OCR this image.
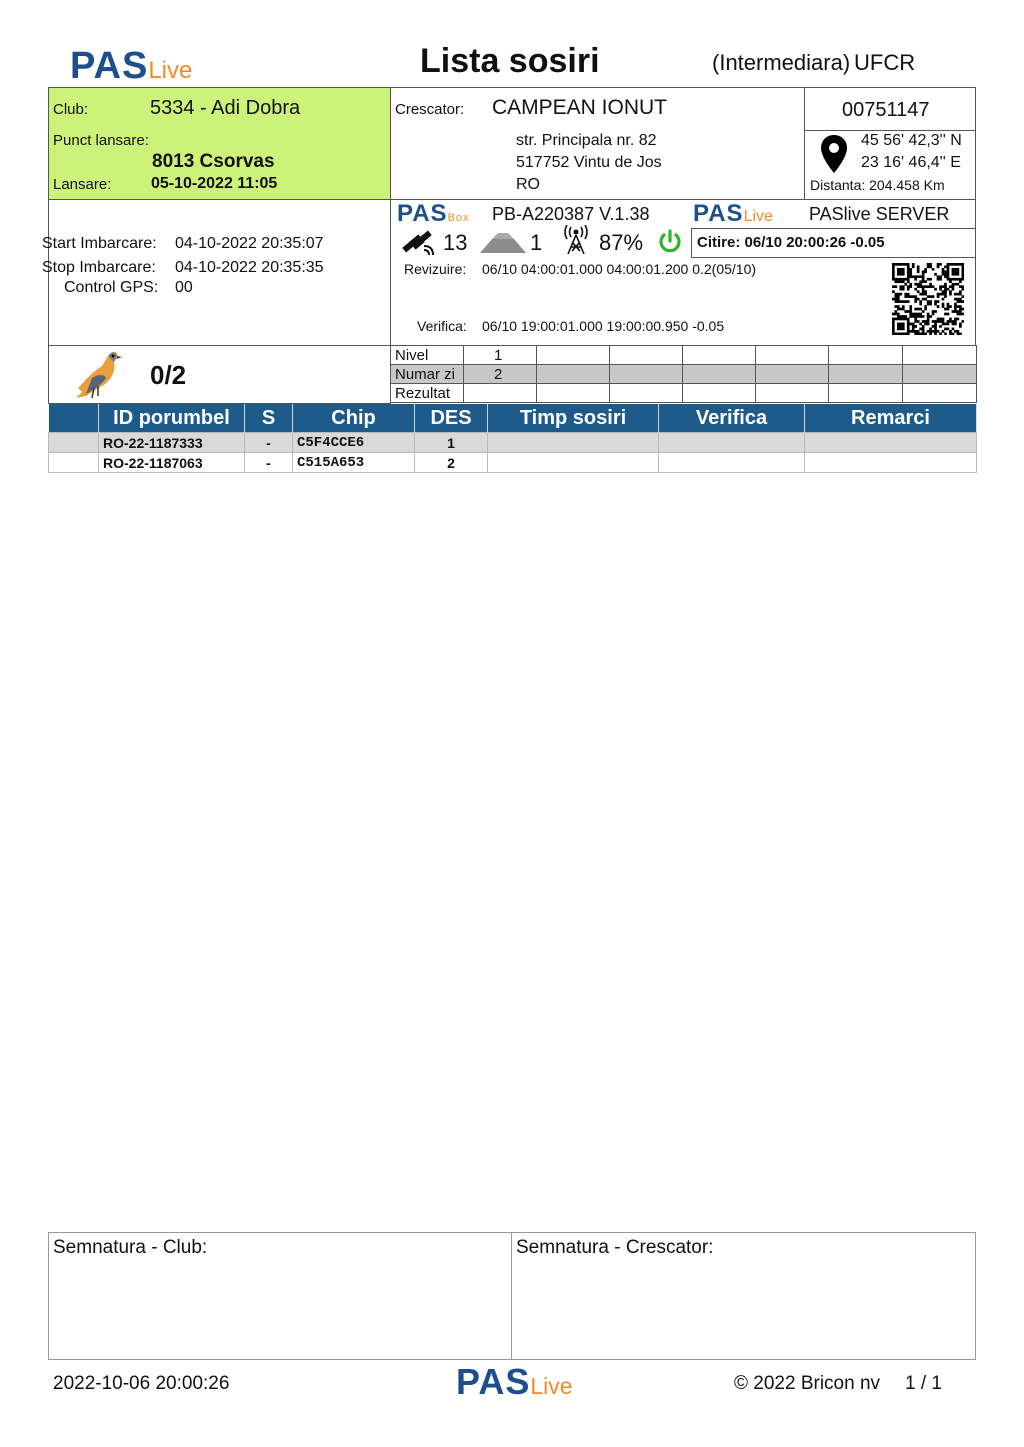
PASLive	Lista sosiri	(Intermediara) UFCR
Club:	5334 - Adi Dobra
Punct lansare:
8013 Csorvas
Lansare: 05-10-2022 11:05
Crescator: CAMPEAN IONUT
str. Principala nr. 82
517752 Vintu de Jos
RO
00751147
45 56' 42,3'' N
23 16' 46,4'' E
Distanta: 204.458 Km
Start Imbarcare: 04-10-2022 20:35:07
Stop Imbarcare: 04-10-2022 20:35:35
Control GPS: 00
PASBox PB-A220387 V.1.38 PASLive PASlive SERVER
13	1	87%	Citire: 06/10 20:00:26 -0.05
Revizuire: 06/10 04:00:01.000 04:00:01.200 0.2(05/10)
Verifica: 06/10 19:00:01.000 19:00:00.950 -0.05
0/2
Nivel	1						
Numar zi	2						
Rezultat							
	ID porumbel	S	Chip	DES	Timp sosiri	Verifica	Remarci
	RO-22-1187333	-	C5F4CCE6	1			
	RO-22-1187063	-	C515A653	2			
Semnatura - Club:	Semnatura - Crescator:
2022-10-06 20:00:26	PASLive	© 2022 Bricon nv 1 / 1
